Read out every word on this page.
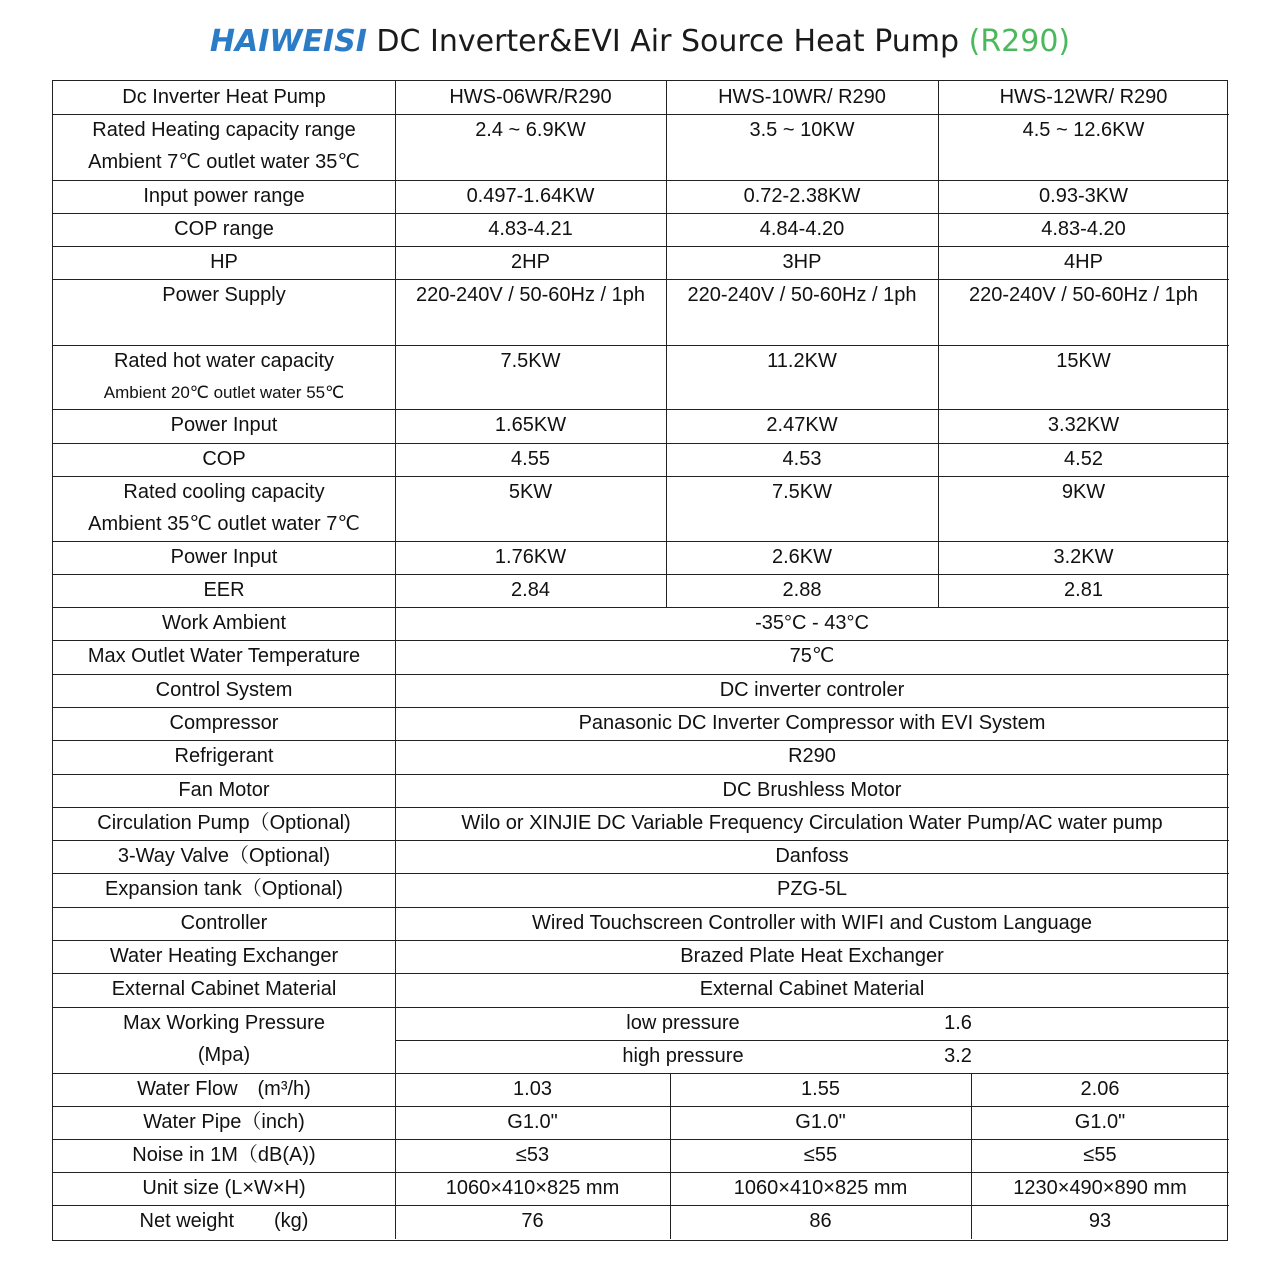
HAIWEISI DC Inverter&EVI Air Source Heat Pump (R290)
Dc Inverter Heat Pump	HWS-06WR/R290	HWS-10WR/ R290	HWS-12WR/ R290
Rated Heating capacity range
Ambient 7℃ outlet water 35℃
2.4 ~ 6.9KW	3.5 ~ 10KW	4.5 ~ 12.6KW
Input power range	0.497-1.64KW	0.72-2.38KW	0.93-3KW
COP range	4.83-4.21	4.84-4.20	4.83-4.20
HP	2HP	3HP	4HP
Power Supply	220-240V / 50-60Hz / 1ph	220-240V / 50-60Hz / 1ph	220-240V / 50-60Hz / 1ph
Rated hot water capacity
Ambient 20℃ outlet water 55℃
7.5KW	11.2KW	15KW
Power Input	1.65KW	2.47KW	3.32KW
COP	4.55	4.53	4.52
Rated cooling capacity
Ambient 35℃ outlet water 7℃
5KW	7.5KW	9KW
Power Input	1.76KW	2.6KW	3.2KW
EER	2.84	2.88	2.81
Work Ambient	-35°C - 43°C
Max Outlet Water Temperature	75℃
Control System	DC inverter controler
Compressor	Panasonic DC Inverter Compressor with EVI System
Refrigerant	R290
Fan Motor	DC Brushless Motor
Circulation Pump（Optional)	Wilo or XINJIE DC Variable Frequency Circulation Water Pump/AC water pump
3-Way Valve（Optional)	Danfoss
Expansion tank（Optional)	PZG-5L
Controller	Wired Touchscreen Controller with WIFI and Custom Language
Water Heating Exchanger	Brazed Plate Heat Exchanger
External Cabinet Material	External Cabinet Material
Max Working Pressure
(Mpa)
low pressure	1.6
high pressure	3.2
Water Flow　(m³/h)	1.03	1.55	2.06
Water Pipe（inch)	G1.0"	G1.0"	G1.0"
Noise in 1M（dB(A))	≤53	≤55	≤55
Unit size (L×W×H)	1060×410×825 mm	1060×410×825 mm	1230×490×890 mm
Net weight　　(kg)	76	86	93
